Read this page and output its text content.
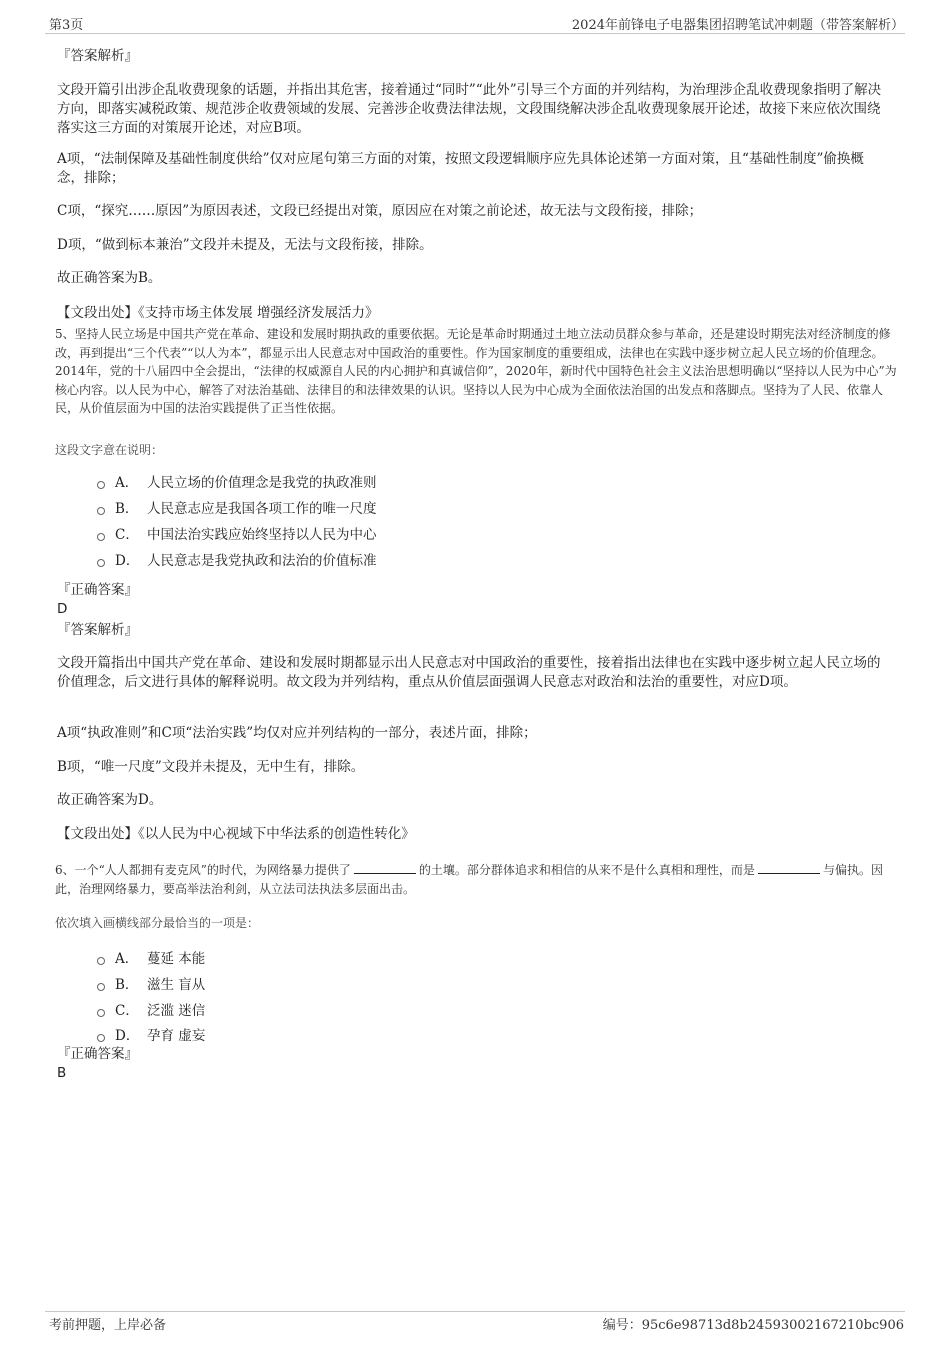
第3页	2024年前锋电子电器集团招聘笔试冲刺题（带答案解析）
『答案解析』
文段开篇引出涉企乱收费现象的话题，并指出其危害，接着通过“同时”“此外”引导三个方面的并列结构，为治理涉企乱收费现象指明了解决方向，即落实减税政策、规范涉企收费领域的发展、完善涉企收费法律法规，文段围绕解决涉企乱收费现象展开论述，故接下来应依次围绕落实这三方面的对策展开论述，对应B项。
A项，“法制保障及基础性制度供给”仅对应尾句第三方面的对策，按照文段逻辑顺序应先具体论述第一方面对策，且“基础性制度”偷换概念，排除；
C项，“探究……原因”为原因表述，文段已经提出对策，原因应在对策之前论述，故无法与文段衔接，排除；
D项，“做到标本兼治”文段并未提及，无法与文段衔接，排除。
故正确答案为B。
【文段出处】《支持市场主体发展 增强经济发展活力》
5、坚持人民立场是中国共产党在革命、建设和发展时期执政的重要依据。无论是革命时期通过土地立法动员群众参与革命，还是建设时期宪法对经济制度的修改，再到提出“三个代表”“以人为本”，都显示出人民意志对中国政治的重要性。作为国家制度的重要组成，法律也在实践中逐步树立起人民立场的价值理念。2014年，党的十八届四中全会提出，“法律的权威源自人民的内心拥护和真诚信仰”，2020年，新时代中国特色社会主义法治思想明确以“坚持以人民为中心”为核心内容。以人民为中心，解答了对法治基础、法律目的和法律效果的认识。坚持以人民为中心成为全面依法治国的出发点和落脚点。坚持为了人民、依靠人民，从价值层面为中国的法治实践提供了正当性依据。
这段文字意在说明：
A． 人民立场的价值理念是我党的执政准则
B． 人民意志应是我国各项工作的唯一尺度
C． 中国法治实践应始终坚持以人民为中心
D． 人民意志是我党执政和法治的价值标准
『正确答案』
D
『答案解析』
文段开篇指出中国共产党在革命、建设和发展时期都显示出人民意志对中国政治的重要性，接着指出法律也在实践中逐步树立起人民立场的价值理念，后文进行具体的解释说明。故文段为并列结构，重点从价值层面强调人民意志对政治和法治的重要性，对应D项。
A项“执政准则”和C项“法治实践”均仅对应并列结构的一部分，表述片面，排除；
B项，“唯一尺度”文段并未提及，无中生有，排除。
故正确答案为D。
【文段出处】《以人民为中心视域下中华法系的创造性转化》
6、一个“人人都拥有麦克风”的时代，为网络暴力提供了	的土壤。部分群体追求和相信的从来不是什么真相和理性，而是	与偏执。因此，治理网络暴力，要高举法治利剑，从立法司法执法多层面出击。
依次填入画横线部分最恰当的一项是：
A． 蔓延 本能
B． 滋生 盲从
C． 泛滥 迷信
D． 孕育 虚妄
『正确答案』
B
考前押题，上岸必备	编号：95c6e98713d8b24593002167210bc906
